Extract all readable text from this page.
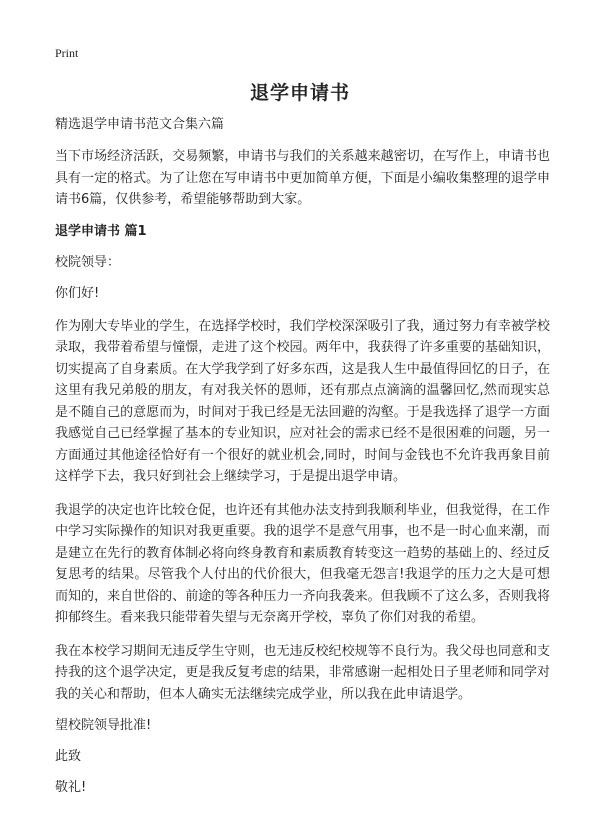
Print
退学申请书

精选退学申请书范文合集六篇

当下市场经济活跃，交易频繁，申请书与我们的关系越来越密切，在写作上，申请书也具有一定的格式。为了让您在写申请书中更加简单方便，下面是小编收集整理的退学申请书6篇，仅供参考，希望能够帮助到大家。

退学申请书 篇1

校院领导：

你们好!

作为刚大专毕业的学生，在选择学校时，我们学校深深吸引了我，通过努力有幸被学校录取，我带着希望与憧憬，走进了这个校园。两年中，我获得了许多重要的基础知识，切实提高了自身素质。在大学我学到了好多东西，这是我人生中最值得回忆的日子，在这里有我兄弟般的朋友，有对我关怀的恩师，还有那点点滴滴的温馨回忆,然而现实总是不随自己的意愿而为，时间对于我已经是无法回避的沟壑。于是我选择了退学一方面我感觉自己已经掌握了基本的专业知识，应对社会的需求已经不是很困难的问题，另一方面通过其他途径恰好有一个很好的就业机会,同时，时间与金钱也不允许我再象目前这样学下去，我只好到社会上继续学习，于是提出退学申请。

我退学的决定也许比较仓促，也许还有其他办法支持到我顺利毕业，但我觉得，在工作中学习实际操作的知识对我更重要。我的退学不是意气用事，也不是一时心血来潮，而是建立在先行的教育体制必将向终身教育和素质教育转变这一趋势的基础上的、经过反复思考的结果。尽管我个人付出的代价很大，但我毫无怨言!我退学的压力之大是可想而知的，来自世俗的、前途的等各种压力一齐向我袭来。但我顾不了这么多，否则我将抑郁终生。看来我只能带着失望与无奈离开学校，辜负了你们对我的希望。

我在本校学习期间无违反学生守则，也无违反校纪校规等不良行为。我父母也同意和支持我的这个退学决定，更是我反复考虑的结果，非常感谢一起相处日子里老师和同学对我的关心和帮助，但本人确实无法继续完成学业，所以我在此申请退学。

望校院领导批准!

此致

敬礼!
